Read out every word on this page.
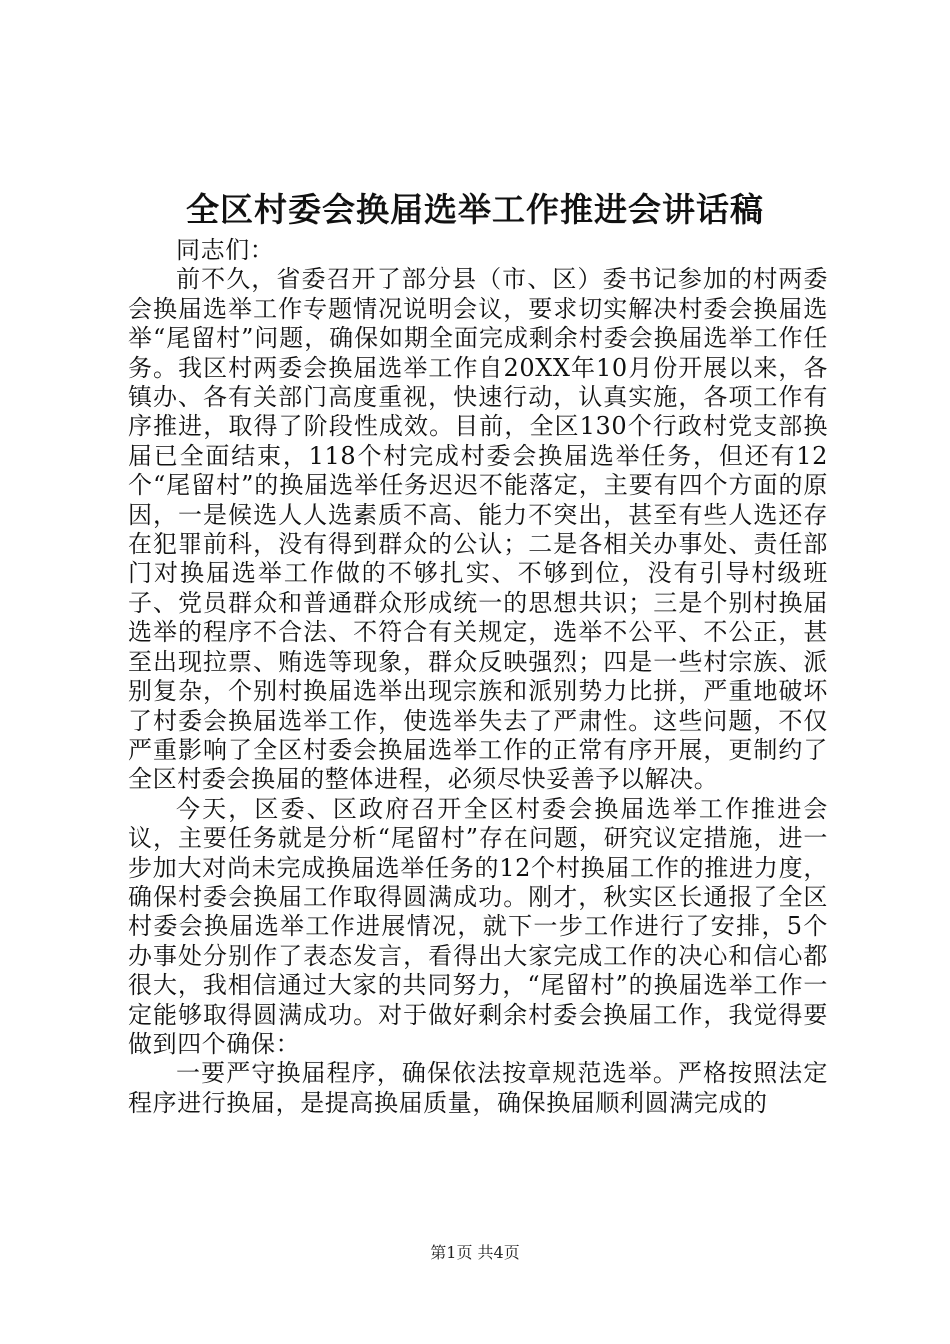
全区村委会换届选举工作推进会讲话稿

同志们：

前不久，省委召开了部分县（市、区）委书记参加的村两委会换届选举工作专题情况说明会议，要求切实解决村委会换届选举“尾留村”问题，确保如期全面完成剩余村委会换届选举工作任务。我区村两委会换届选举工作自20XX年10月份开展以来，各镇办、各有关部门高度重视，快速行动，认真实施，各项工作有序推进，取得了阶段性成效。目前，全区130个行政村党支部换届已全面结束，118个村完成村委会换届选举任务，但还有12个“尾留村”的换届选举任务迟迟不能落定，主要有四个方面的原因，一是候选人人选素质不高、能力不突出，甚至有些人选还存在犯罪前科，没有得到群众的公认；二是各相关办事处、责任部门对换届选举工作做的不够扎实、不够到位，没有引导村级班子、党员群众和普通群众形成统一的思想共识；三是个别村换届选举的程序不合法、不符合有关规定，选举不公平、不公正，甚至出现拉票、贿选等现象，群众反映强烈；四是一些村宗族、派别复杂，个别村换届选举出现宗族和派别势力比拼，严重地破坏了村委会换届选举工作，使选举失去了严肃性。这些问题，不仅严重影响了全区村委会换届选举工作的正常有序开展，更制约了全区村委会换届的整体进程，必须尽快妥善予以解决。

今天，区委、区政府召开全区村委会换届选举工作推进会议，主要任务就是分析“尾留村”存在问题，研究议定措施，进一步加大对尚未完成换届选举任务的12个村换届工作的推进力度，确保村委会换届工作取得圆满成功。刚才，秋实区长通报了全区村委会换届选举工作进展情况，就下一步工作进行了安排，5个办事处分别作了表态发言，看得出大家完成工作的决心和信心都很大，我相信通过大家的共同努力，“尾留村”的换届选举工作一定能够取得圆满成功。对于做好剩余村委会换届工作，我觉得要做到四个确保：

一要严守换届程序，确保依法按章规范选举。严格按照法定程序进行换届，是提高换届质量，确保换届顺利圆满完成的

第1页 共4页
